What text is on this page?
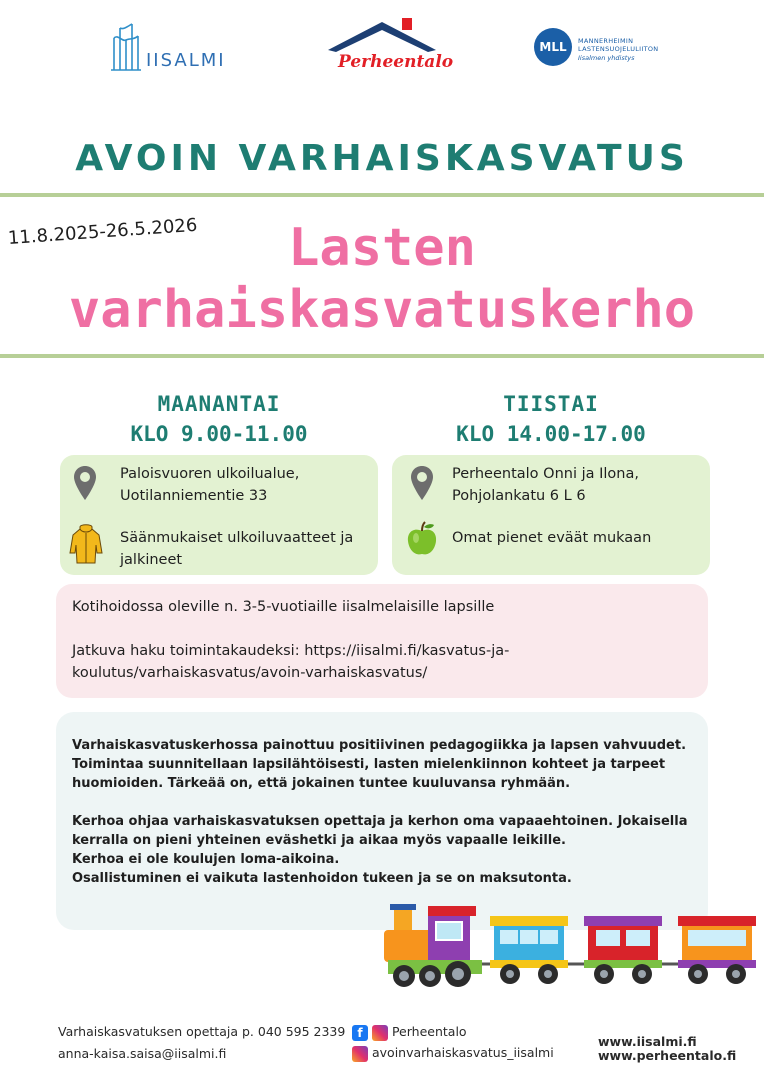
IISALMI	Perheentalo
MLL	MANNERHEIMIN
LASTENSUOJELULIITON
Iisalmen yhdistys
AVOIN VARHAISKASVATUS
11.8.2025-26.5.2026	Lasten
varhaiskasvatuskerho
MAANANTAI
KLO 9.00-11.00
TIISTAI
KLO 14.00-17.00
Paloisvuoren ulkoilualue,
Uotilanniementie 33
Säänmukaiset ulkoiluvaatteet ja
jalkineet
Perheentalo Onni ja Ilona,
Pohjolankatu 6 L 6
Omat pienet eväät mukaan
Kotihoidossa oleville n. 3-5-vuotiaille iisalmelaisille lapsille
Jatkuva haku toimintakaudeksi: https://iisalmi.fi/kasvatus-ja-
koulutus/varhaiskasvatus/avoin-varhaiskasvatus/
Varhaiskasvatuskerhossa painottuu positiivinen pedagogiikka ja lapsen vahvuudet.
Toimintaa suunnitellaan lapsilähtöisesti, lasten mielenkiinnon kohteet ja tarpeet
huomioiden. Tärkeää on, että jokainen tuntee kuuluvansa ryhmään.
Kerhoa ohjaa varhaiskasvatuksen opettaja ja kerhon oma vapaaehtoinen. Jokaisella
kerralla on pieni yhteinen eväshetki ja aikaa myös vapaalle leikille.
Kerhoa ei ole koulujen loma-aikoina.
Osallistuminen ei vaikuta lastenhoidon tukeen ja se on maksutonta.
Varhaiskasvatuksen opettaja p. 040 595 2339
anna-kaisa.saisa@iisalmi.fi
f Perheentalo
avoinvarhaiskasvatus_iisalmi
www.iisalmi.fi
www.perheentalo.fi
